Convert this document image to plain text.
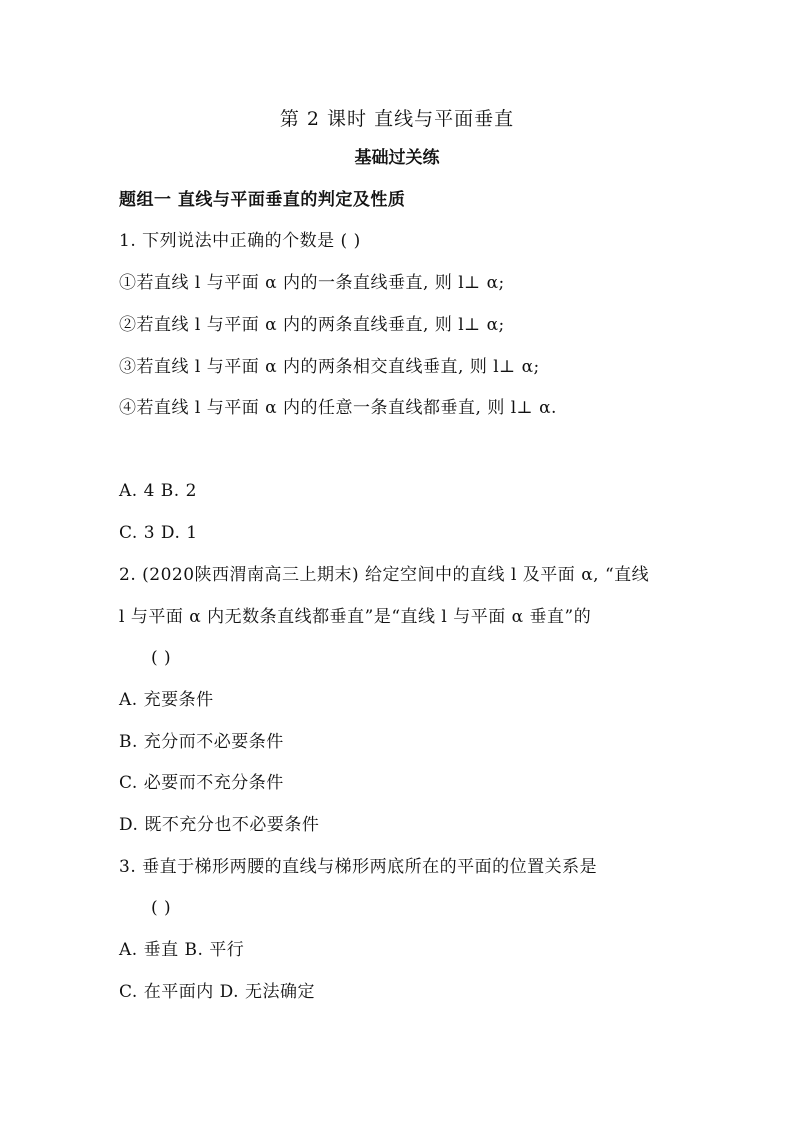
第 2 课时 直线与平面垂直
基础过关练
题组一 直线与平面垂直的判定及性质
1. 下列说法中正确的个数是 ( )
①若直线 l 与平面 α 内的一条直线垂直, 则 l⊥ α;
②若直线 l 与平面 α 内的两条直线垂直, 则 l⊥ α;
③若直线 l 与平面 α 内的两条相交直线垂直, 则 l⊥ α;
④若直线 l 与平面 α 内的任意一条直线都垂直, 则 l⊥ α.
A. 4 B. 2
C. 3 D. 1
2. (2020陕西渭南高三上期末) 给定空间中的直线 l 及平面 α, “直线
l 与平面 α 内无数条直线都垂直”是“直线 l 与平面 α 垂直”的
( )
A. 充要条件
B. 充分而不必要条件
C. 必要而不充分条件
D. 既不充分也不必要条件
3. 垂直于梯形两腰的直线与梯形两底所在的平面的位置关系是
( )
A. 垂直 B. 平行
C. 在平面内 D. 无法确定
